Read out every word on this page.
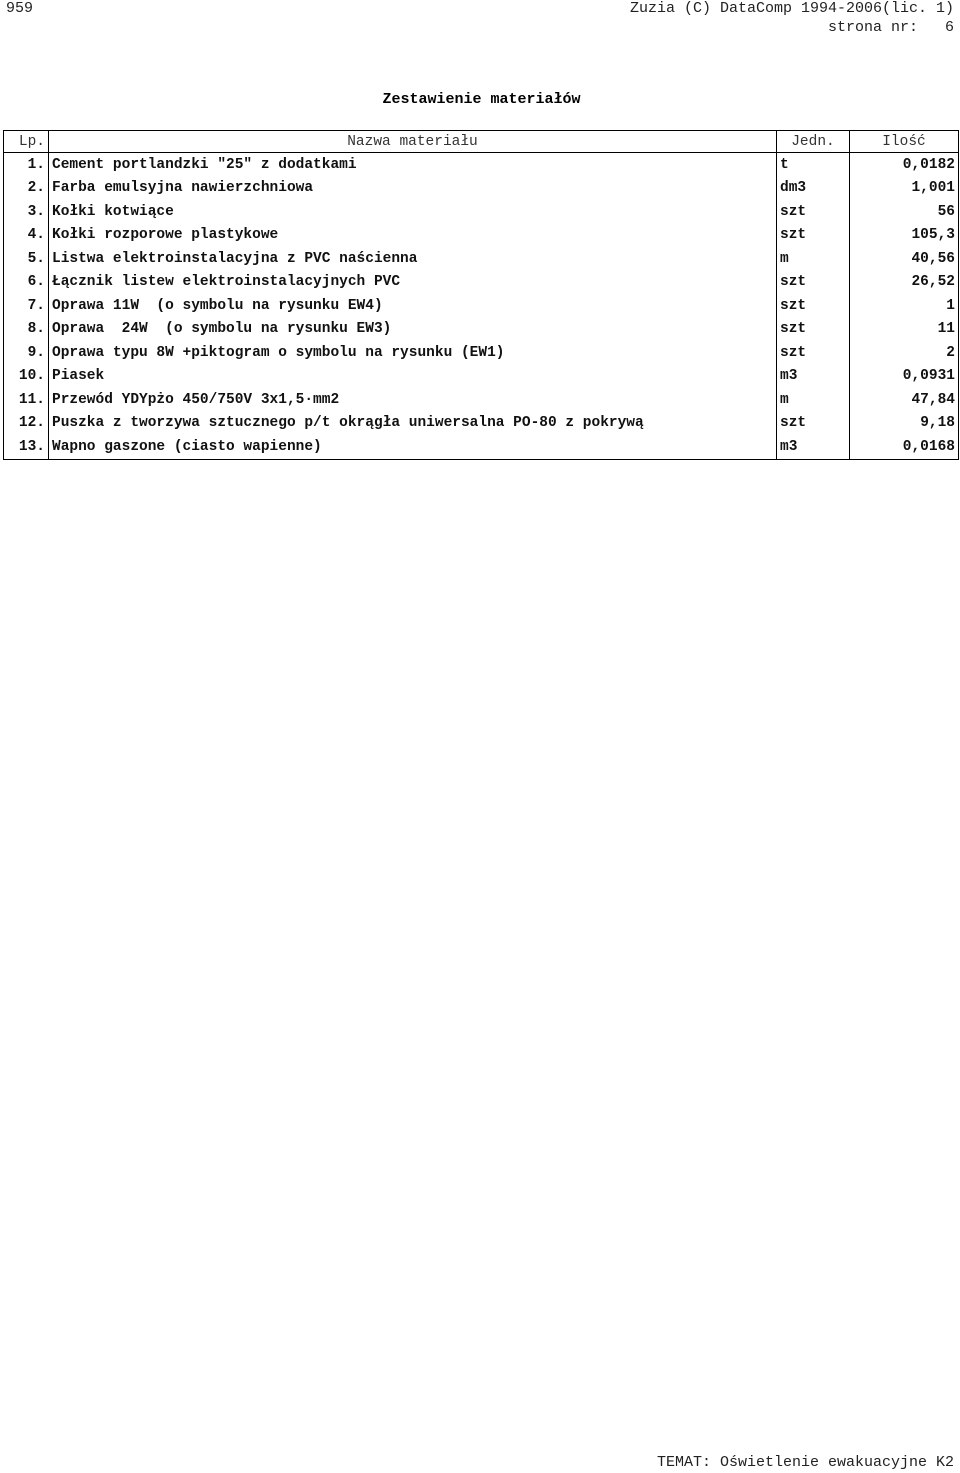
959	Zuzia (C) DataComp 1994-2006(lic. 1)
strona nr:   6
Zestawienie materiałów
Lp.	Nazwa materiału	Jedn.	Ilość
1.	Cement portlandzki "25" z dodatkami	t	0,0182
2.	Farba emulsyjna nawierzchniowa	dm3	1,001
3.	Kołki kotwiące	szt	56
4.	Kołki rozporowe plastykowe	szt	105,3
5.	Listwa elektroinstalacyjna z PVC naścienna	m	40,56
6.	Łącznik listew elektroinstalacyjnych PVC	szt	26,52
7.	Oprawa 11W  (o symbolu na rysunku EW4)	szt	1
8.	Oprawa  24W  (o symbolu na rysunku EW3)	szt	11
9.	Oprawa typu 8W +piktogram o symbolu na rysunku (EW1)	szt	2
10.	Piasek	m3	0,0931
11.	Przewód YDYpżo 450/750V 3x1,5·mm2	m	47,84
12.	Puszka z tworzywa sztucznego p/t okrągła uniwersalna PO-80 z pokrywą	szt	9,18
13.	Wapno gaszone (ciasto wapienne)	m3	0,0168
TEMAT: Oświetlenie ewakuacyjne K2
